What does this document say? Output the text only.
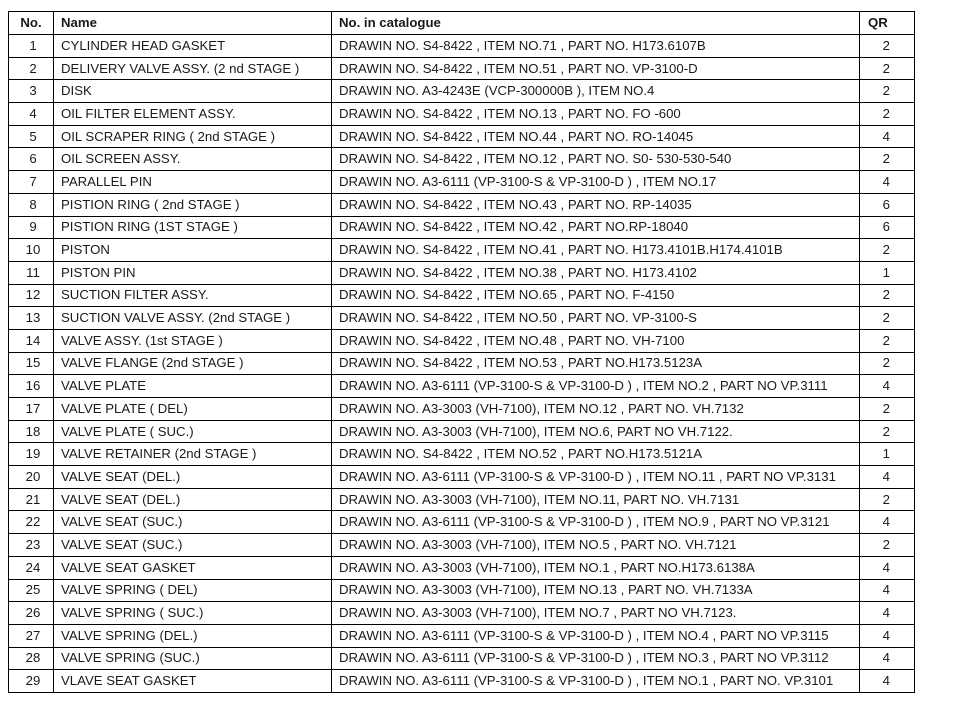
No.	Name	No. in catalogue	QR
1	CYLINDER HEAD GASKET	DRAWIN NO. S4-8422 , ITEM NO.71 , PART NO. H173.6107B	2
2	DELIVERY VALVE ASSY. (2 nd STAGE )	DRAWIN NO. S4-8422 , ITEM NO.51 , PART NO. VP-3100-D	2
3	DISK	DRAWIN NO. A3-4243E (VCP-300000B ), ITEM NO.4	2
4	OIL FILTER ELEMENT ASSY.	DRAWIN NO. S4-8422 , ITEM NO.13 , PART NO. FO -600	2
5	OIL SCRAPER RING ( 2nd STAGE )	DRAWIN NO. S4-8422 , ITEM NO.44 , PART NO. RO-14045	4
6	OIL SCREEN ASSY.	DRAWIN NO. S4-8422 , ITEM NO.12 , PART NO. S0- 530-530-540	2
7	PARALLEL PIN	DRAWIN NO. A3-6111 (VP-3100-S & VP-3100-D ) , ITEM NO.17	4
8	PISTION RING ( 2nd STAGE )	DRAWIN NO. S4-8422 , ITEM NO.43 , PART NO. RP-14035	6
9	PISTION RING (1ST STAGE )	DRAWIN NO. S4-8422 , ITEM NO.42 , PART NO.RP-18040	6
10	PISTON	DRAWIN NO. S4-8422 , ITEM NO.41 , PART NO. H173.4101B.H174.4101B	2
11	PISTON PIN	DRAWIN NO. S4-8422 , ITEM NO.38 , PART NO. H173.4102	1
12	SUCTION FILTER ASSY.	DRAWIN NO. S4-8422 , ITEM NO.65 , PART NO. F-4150	2
13	SUCTION VALVE ASSY. (2nd STAGE )	DRAWIN NO. S4-8422 , ITEM NO.50 , PART NO. VP-3100-S	2
14	VALVE ASSY. (1st STAGE )	DRAWIN NO. S4-8422 , ITEM NO.48 , PART NO. VH-7100	2
15	VALVE FLANGE (2nd STAGE )	DRAWIN NO. S4-8422 , ITEM NO.53 , PART NO.H173.5123A	2
16	VALVE PLATE	DRAWIN NO. A3-6111 (VP-3100-S & VP-3100-D ) , ITEM NO.2 , PART NO VP.3111	4
17	VALVE PLATE ( DEL)	DRAWIN NO. A3-3003 (VH-7100), ITEM NO.12 , PART NO. VH.7132	2
18	VALVE PLATE ( SUC.)	DRAWIN NO. A3-3003 (VH-7100), ITEM NO.6, PART NO VH.7122.	2
19	VALVE RETAINER (2nd STAGE )	DRAWIN NO. S4-8422 , ITEM NO.52 , PART NO.H173.5121A	1
20	VALVE SEAT (DEL.)	DRAWIN NO. A3-6111 (VP-3100-S & VP-3100-D ) , ITEM NO.11 , PART NO VP.3131	4
21	VALVE SEAT (DEL.)	DRAWIN NO. A3-3003 (VH-7100), ITEM NO.11, PART NO. VH.7131	2
22	VALVE SEAT (SUC.)	DRAWIN NO. A3-6111 (VP-3100-S & VP-3100-D ) , ITEM NO.9 , PART NO VP.3121	4
23	VALVE SEAT (SUC.)	DRAWIN NO. A3-3003 (VH-7100), ITEM NO.5 , PART NO. VH.7121	2
24	VALVE SEAT GASKET	DRAWIN NO. A3-3003 (VH-7100), ITEM NO.1 , PART NO.H173.6138A	4
25	VALVE SPRING ( DEL)	DRAWIN NO. A3-3003 (VH-7100), ITEM NO.13 , PART NO. VH.7133A	4
26	VALVE SPRING ( SUC.)	DRAWIN NO. A3-3003 (VH-7100), ITEM NO.7 , PART NO VH.7123.	4
27	VALVE SPRING (DEL.)	DRAWIN NO. A3-6111 (VP-3100-S & VP-3100-D ) , ITEM NO.4 , PART NO VP.3115	4
28	VALVE SPRING (SUC.)	DRAWIN NO. A3-6111 (VP-3100-S & VP-3100-D ) , ITEM NO.3 , PART NO VP.3112	4
29	VLAVE SEAT GASKET	DRAWIN NO. A3-6111 (VP-3100-S & VP-3100-D ) , ITEM NO.1 , PART NO. VP.3101	4
